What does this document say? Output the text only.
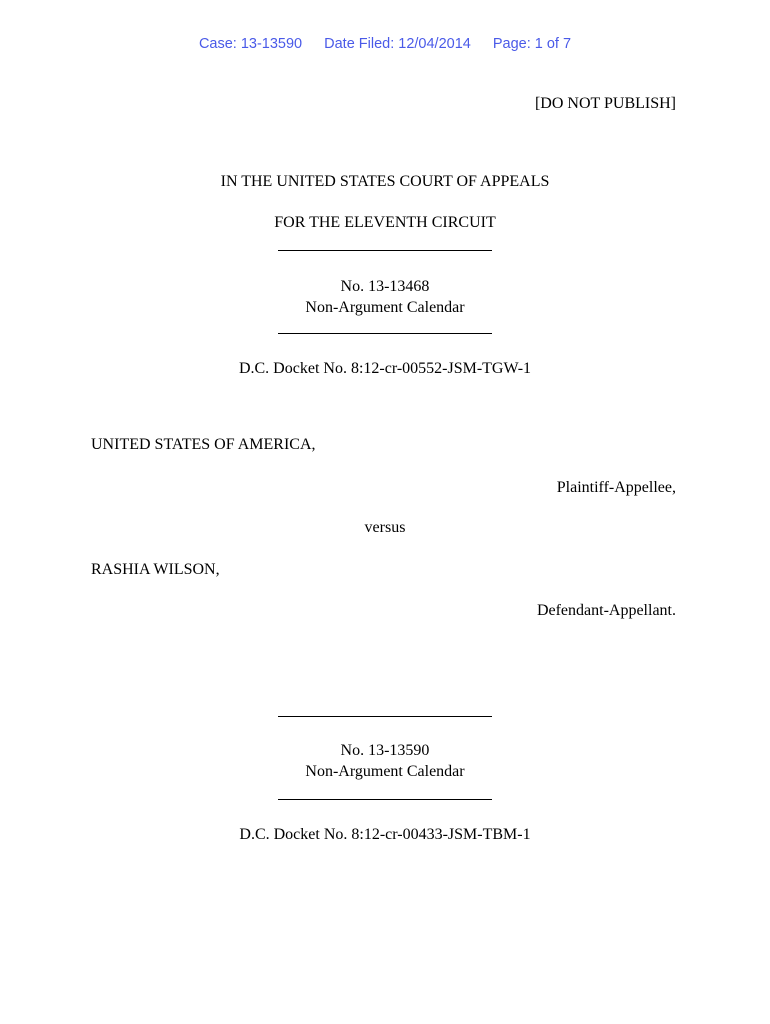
Case: 13-13590 Date Filed: 12/04/2014 Page: 1 of 7
[DO NOT PUBLISH]
IN THE UNITED STATES COURT OF APPEALS
FOR THE ELEVENTH CIRCUIT
No. 13-13468
Non-Argument Calendar
D.C. Docket No. 8:12-cr-00552-JSM-TGW-1
UNITED STATES OF AMERICA,
Plaintiff-Appellee,
versus
RASHIA WILSON,
Defendant-Appellant.
No. 13-13590
Non-Argument Calendar
D.C. Docket No. 8:12-cr-00433-JSM-TBM-1
